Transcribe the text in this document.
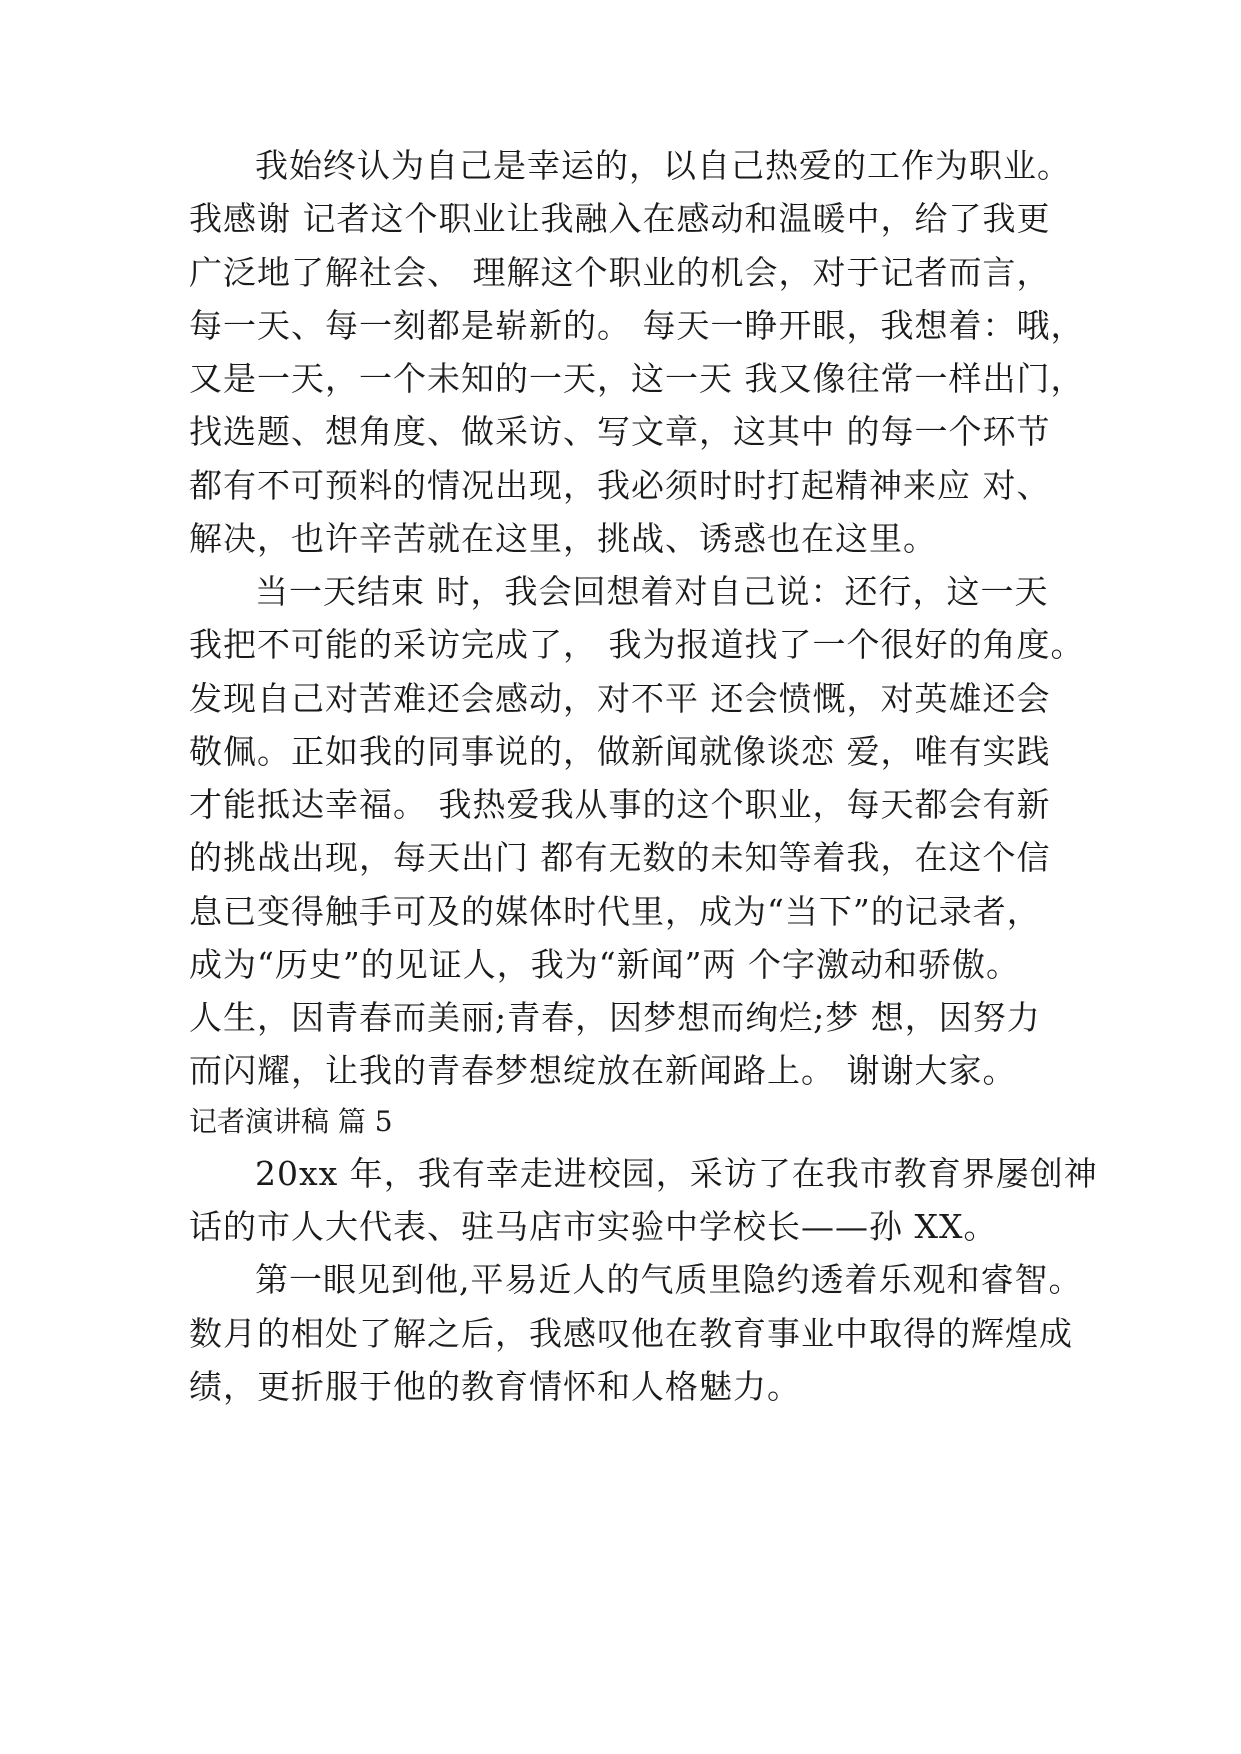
我始终认为自己是幸运的，以自己热爱的工作为职业。

我感谢 记者这个职业让我融入在感动和温暖中，给了我更

广泛地了解社会、 理解这个职业的机会，对于记者而言，

每一天、每一刻都是崭新的。 每天一睁开眼，我想着：哦，

又是一天，一个未知的一天，这一天 我又像往常一样出门，

找选题、想角度、做采访、写文章，这其中 的每一个环节

都有不可预料的情况出现，我必须时时打起精神来应 对、

解决，也许辛苦就在这里，挑战、诱惑也在这里。

当一天结束 时，我会回想着对自己说：还行，这一天

我把不可能的采访完成了， 我为报道找了一个很好的角度。

发现自己对苦难还会感动，对不平 还会愤慨，对英雄还会

敬佩。正如我的同事说的，做新闻就像谈恋 爱，唯有实践

才能抵达幸福。 我热爱我从事的这个职业，每天都会有新

的挑战出现，每天出门 都有无数的未知等着我，在这个信

息已变得触手可及的媒体时代里，成为“当下”的记录者，

成为“历史”的见证人，我为“新闻”两 个字激动和骄傲。

人生，因青春而美丽;青春，因梦想而绚烂;梦 想，因努力

而闪耀，让我的青春梦想绽放在新闻路上。 谢谢大家。

记者演讲稿 篇 5

20xx 年，我有幸走进校园，采访了在我市教育界屡创神

话的市人大代表、驻马店市实验中学校长——孙 XX。

第一眼见到他,平易近人的气质里隐约透着乐观和睿智。

数月的相处了解之后，我感叹他在教育事业中取得的辉煌成

绩，更折服于他的教育情怀和人格魅力。
